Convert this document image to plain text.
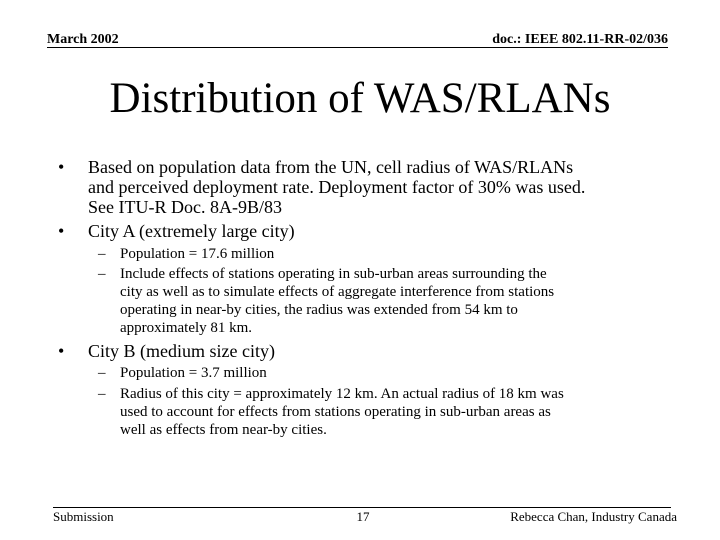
March 2002	doc.: IEEE 802.11-RR-02/036
Distribution of WAS/RLANs
• Based on population data from the UN, cell radius of WAS/RLANs
and perceived deployment rate. Deployment factor of 30% was used.
See ITU-R Doc. 8A-9B/83
• City A (extremely large city)
– Population = 17.6 million
– Include effects of stations operating in sub-urban areas surrounding the
city as well as to simulate effects of aggregate interference from stations
operating in near-by cities, the radius was extended from 54 km to
approximately 81 km.
• City B (medium size city)
– Population = 3.7 million
– Radius of this city = approximately 12 km. An actual radius of 18 km was
used to account for effects from stations operating in sub-urban areas as
well as effects from near-by cities.
Submission	17	Rebecca Chan, Industry Canada
